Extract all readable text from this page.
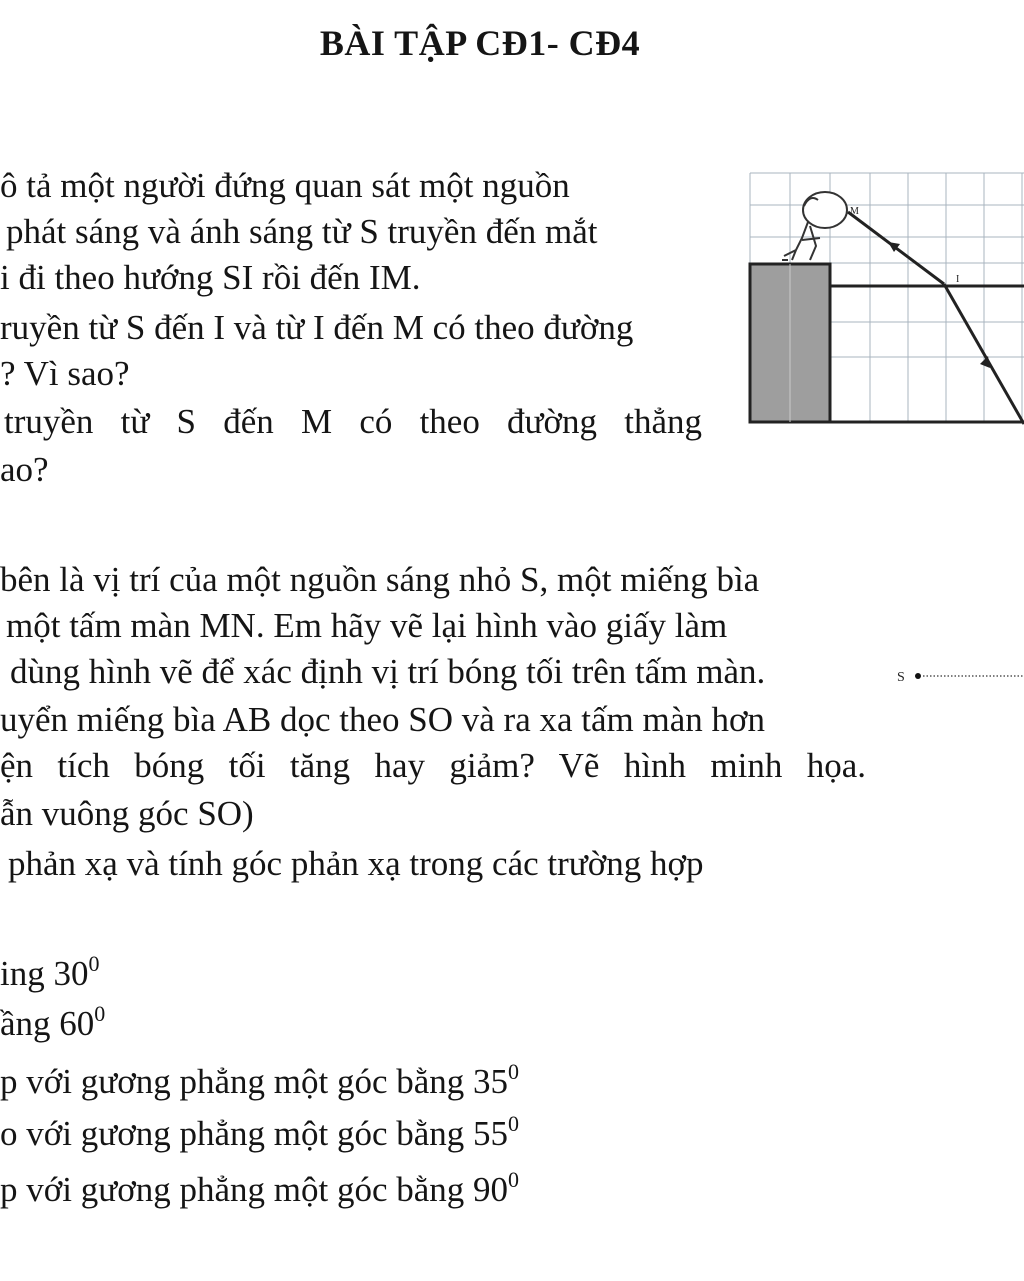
BÀI TẬP CĐ1- CĐ4
ô tả một người đứng quan sát một nguồn
phát sáng và ánh sáng từ S truyền đến mắt
i đi theo hướng SI rồi đến IM.
ruyền từ S đến I và từ I đến M có theo đường
? Vì sao?
truyền từ S đến M có theo đường thẳng
ao?
M
I
bên là vị trí của một nguồn sáng nhỏ S, một miếng bìa
một tấm màn MN. Em hãy vẽ lại hình vào giấy làm
dùng hình vẽ để xác định vị trí bóng tối trên tấm màn.
uyển miếng bìa AB dọc theo SO và ra xa tấm màn hơn
ện tích bóng tối tăng hay giảm? Vẽ hình minh họa.
ẫn vuông góc SO)
S
phản xạ và tính góc phản xạ trong các trường hợp
ing $30^0$
ầng $60^0$
p với gương phẳng một góc bằng $35^0$
o với gương phẳng một góc bằng $55^0$
p với gương phẳng một góc bằng $90^0$
